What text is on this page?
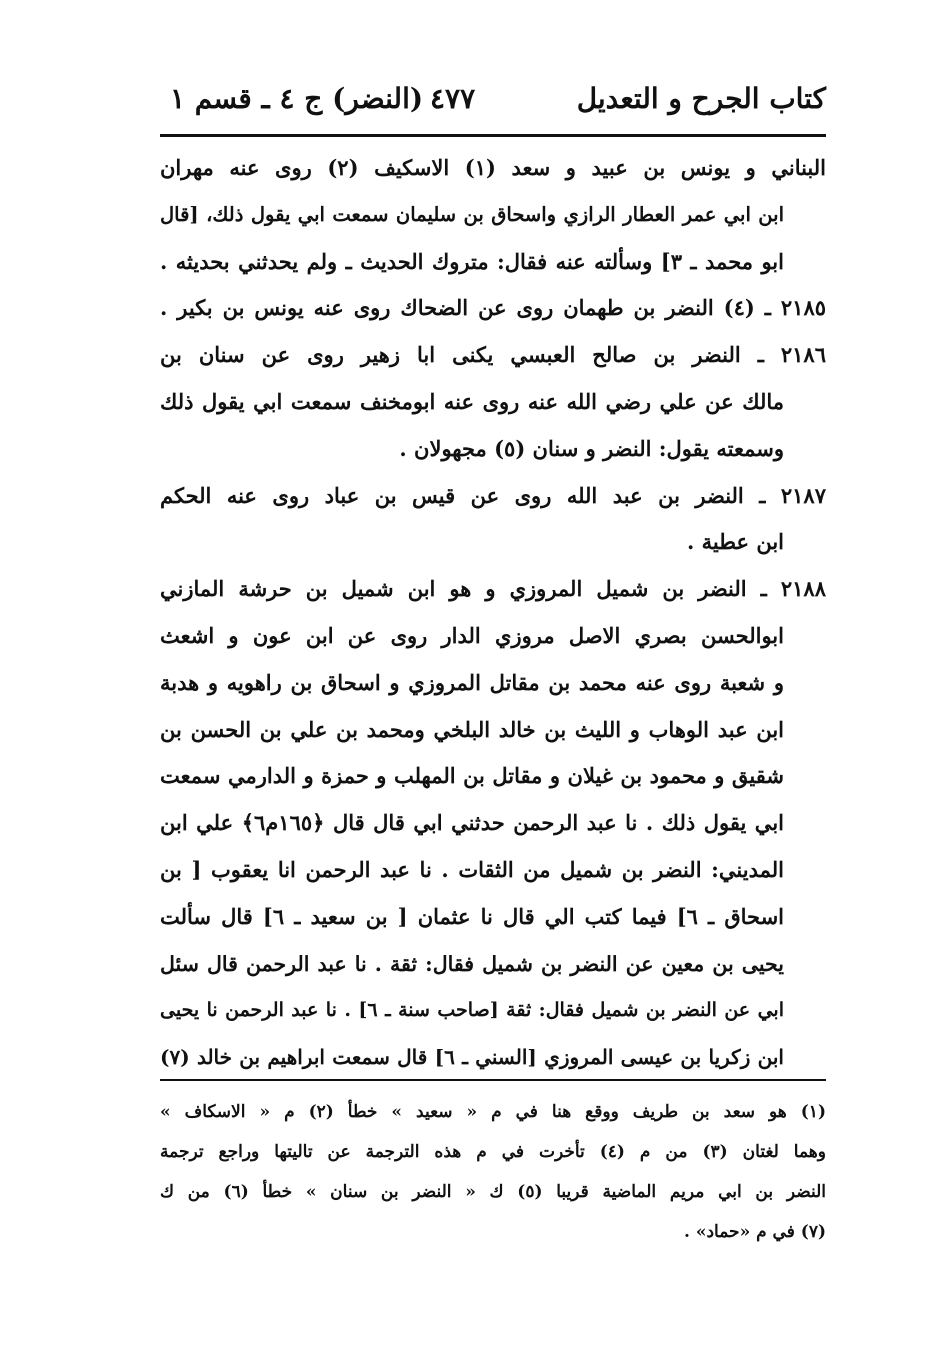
كتاب الجرح و التعديل
٤٧٧
(النضر) ج ٤ ـ قسم ١
البناني و يونس بن عبيد و سعد (١) الاسكيف (٢) روى عنه مهران
ابن ابي عمر العطار الرازي واسحاق بن سليمان سمعت ابي يقول ذلك، [قال
ابو محمد ـ ٣] وسألته عنه فقال: متروك الحديث ـ ولم يحدثني بحديثه .
٢١٨٥ ـ (٤) النضر بن طهمان روى عن الضحاك روى عنه يونس بن بكير .
٢١٨٦ ـ النضر بن صالح العبسي يكنى ابا زهير روى عن سنان بن
مالك عن علي رضي الله عنه روى عنه ابومخنف سمعت ابي يقول ذلك
وسمعته يقول: النضر و سنان (٥) مجهولان .
٢١٨٧ ـ النضر بن عبد الله روى عن قيس بن عباد روى عنه الحكم
ابن عطية .
٢١٨٨ ـ النضر بن شميل المروزي و هو ابن شميل بن حرشة المازني
ابوالحسن بصري الاصل مروزي الدار روى عن ابن عون و اشعث
و شعبة روى عنه محمد بن مقاتل المروزي و اسحاق بن راهويه و هدبة
ابن عبد الوهاب و الليث بن خالد البلخي ومحمد بن علي بن الحسن بن
شقيق و محمود بن غيلان و مقاتل بن المهلب و حمزة و الدارمي سمعت
ابي يقول ذلك . نا عبد الرحمن حدثني ابي قال قال ﴿١٦٥م٦﴾ علي ابن
المديني: النضر بن شميل من الثقات . نا عبد الرحمن انا يعقوب [ بن
اسحاق ـ ٦] فيما كتب الي قال نا عثمان [ بن سعيد ـ ٦] قال سألت
يحيى بن معين عن النضر بن شميل فقال: ثقة . نا عبد الرحمن قال سئل
ابي عن النضر بن شميل فقال: ثقة [صاحب سنة ـ ٦] . نا عبد الرحمن نا يحيى
ابن زكريا بن عيسى المروزي [السني ـ ٦] قال سمعت ابراهيم بن خالد (٧)
(١) هو سعد بن طريف ووقع هنا في م « سعيد » خطأ (٢) م « الاسكاف »
وهما لغتان (٣) من م (٤) تأخرت في م هذه الترجمة عن تاليتها وراجع ترجمة
النضر بن ابي مريم الماضية قريبا (٥) ك « النضر بن سنان » خطأ (٦) من ك
(٧) في م «حماد» .
